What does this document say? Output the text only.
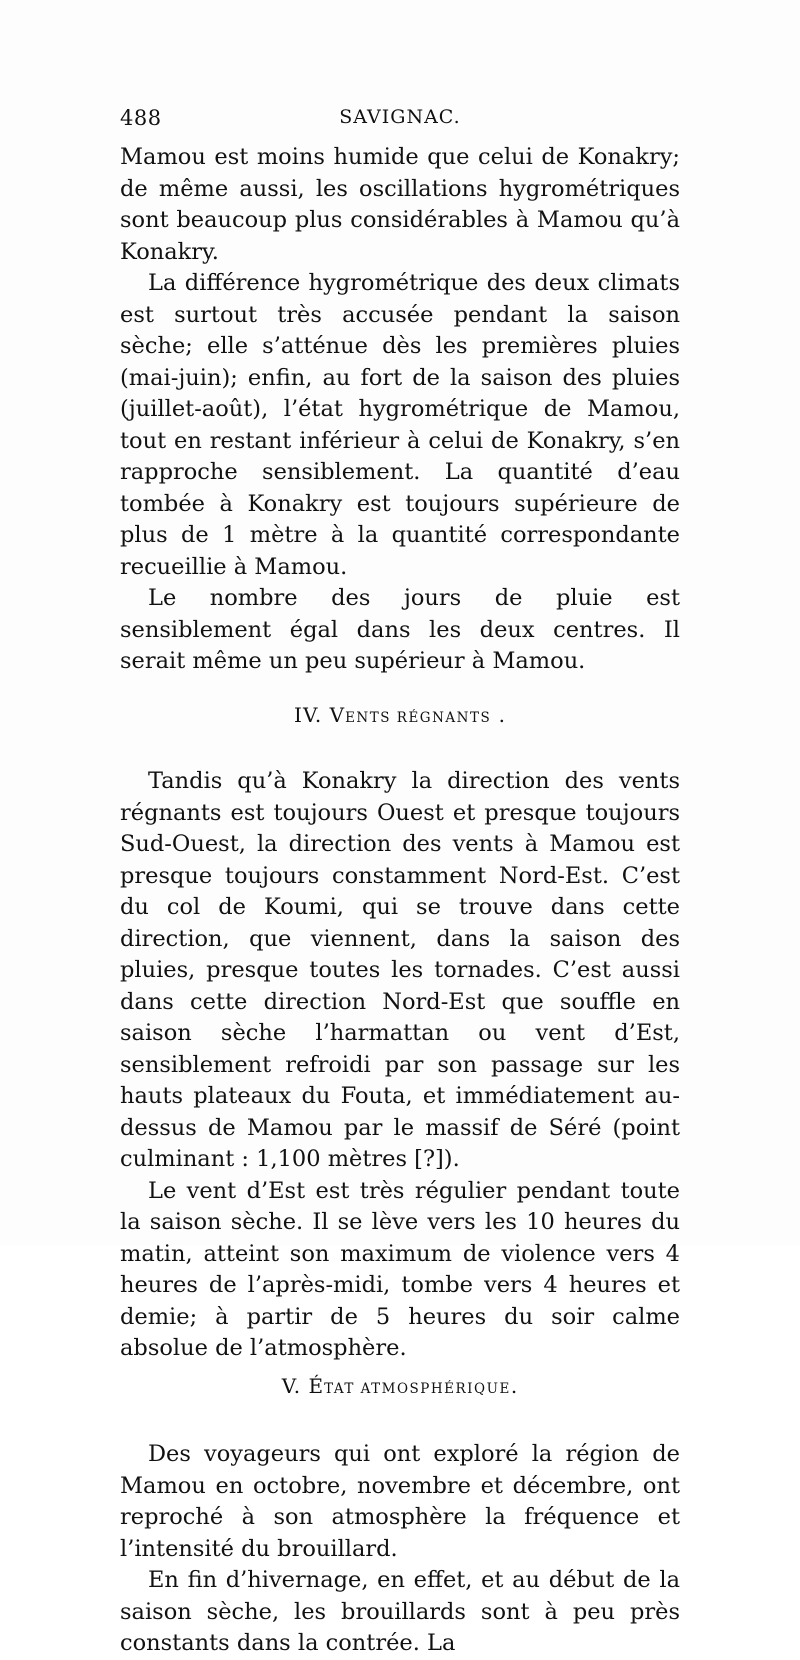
488	SAVIGNAC.

Mamou est moins humide que celui de Konakry; de même aussi, les oscillations hygrométriques sont beaucoup plus considérables à Mamou qu’à Konakry.

La différence hygrométrique des deux climats est surtout très accusée pendant la saison sèche; elle s’atténue dès les premières pluies (mai-juin); enfin, au fort de la saison des pluies (juillet-août), l’état hygrométrique de Mamou, tout en restant inférieur à celui de Konakry, s’en rapproche sensiblement. La quantité d’eau tombée à Konakry est toujours supérieure de plus de 1 mètre à la quantité correspondante recueillie à Mamou.

Le nombre des jours de pluie est sensiblement égal dans les deux centres. Il serait même un peu supérieur à Mamou.

IV. VENTS RÉGNANTS .

Tandis qu’à Konakry la direction des vents régnants est toujours Ouest et presque toujours Sud-Ouest, la direction des vents à Mamou est presque toujours constamment Nord-Est. C’est du col de Koumi, qui se trouve dans cette direction, que viennent, dans la saison des pluies, presque toutes les tornades. C’est aussi dans cette direction Nord-Est que souffle en saison sèche l’harmattan ou vent d’Est, sensiblement refroidi par son passage sur les hauts plateaux du Fouta, et immédiatement au-dessus de Mamou par le massif de Séré (point culminant : 1,100 mètres [?]).

Le vent d’Est est très régulier pendant toute la saison sèche. Il se lève vers les 10 heures du matin, atteint son maximum de violence vers 4 heures de l’après-midi, tombe vers 4 heures et demie; à partir de 5 heures du soir calme absolue de l’atmosphère.

V. ÉTAT ATMOSPHÉRIQUE.

Des voyageurs qui ont exploré la région de Mamou en octobre, novembre et décembre, ont reproché à son atmosphère la fréquence et l’intensité du brouillard.

En fin d’hivernage, en effet, et au début de la saison sèche, les brouillards sont à peu près constants dans la contrée. La
